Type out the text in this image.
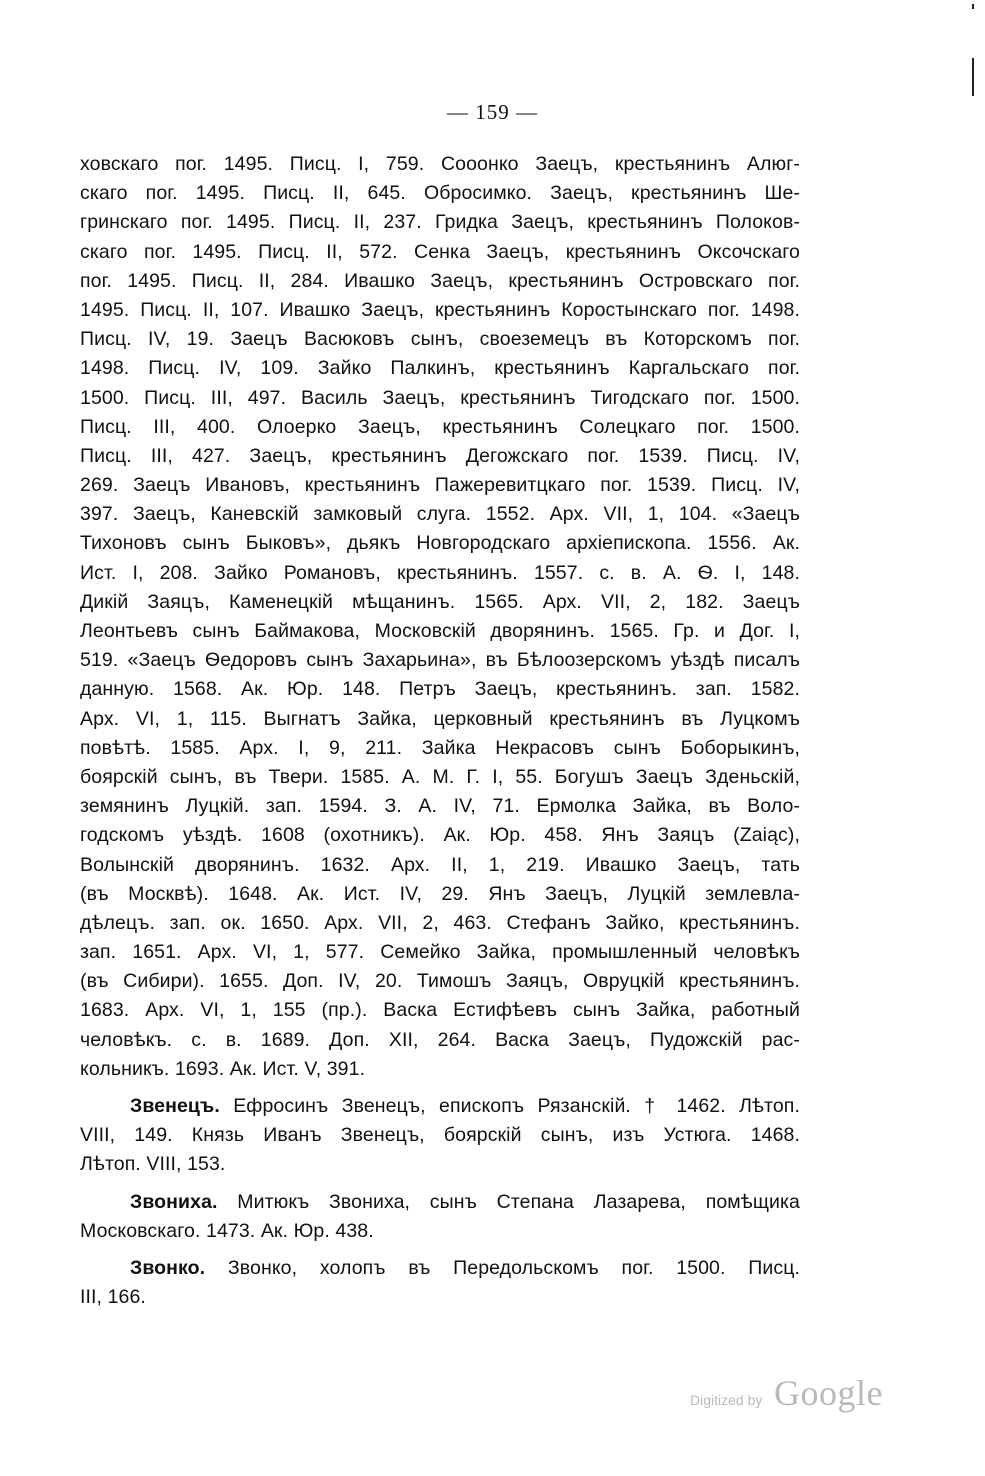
— 159 —
ховскаго пог. 1495. Писц. I, 759. Сооонко Заецъ, крестьянинъ Алюг-
скаго пог. 1495. Писц. II, 645. Обросимко. Заецъ, крестьянинъ Ше-
гринскаго пог. 1495. Писц. II, 237. Гридка Заецъ, крестьянинъ Полоков-
скаго пог. 1495. Писц. II, 572. Сенка Заецъ, крестьянинъ Оксочскаго
пог. 1495. Писц. II, 284. Ивашко Заецъ, крестьянинъ Островскаго пог.
1495. Писц. II, 107. Ивашко Заецъ, крестьянинъ Коростынскаго пог. 1498.
Писц. IV, 19. Заецъ Васюковъ сынъ, своеземецъ въ Которскомъ пог.
1498. Писц. IV, 109. Зайко Палкинъ, крестьянинъ Каргальскаго пог.
1500. Писц. III, 497. Василь Заецъ, крестьянинъ Тигодскаго пог. 1500.
Писц. III, 400. Олоерко Заецъ, крестьянинъ Солецкаго пог. 1500.
Писц. III, 427. Заецъ, крестьянинъ Дегожскаго пог. 1539. Писц. IV,
269. Заецъ Ивановъ, крестьянинъ Пажеревитцкаго пог. 1539. Писц. IV,
397. Заецъ, Каневскій замковый слуга. 1552. Арх. VII, 1, 104. «Заецъ
Тихоновъ сынъ Быковъ», дьякъ Новгородскаго архіепископа. 1556. Ак.
Ист. I, 208. Зайко Романовъ, крестьянинъ. 1557. с. в. А. Ѳ. I, 148.
Дикій Заяцъ, Каменецкій мѣщанинъ. 1565. Арх. VII, 2, 182. Заецъ
Леонтьевъ сынъ Баймакова, Московскій дворянинъ. 1565. Гр. и Дог. I,
519. «Заецъ Ѳедоровъ сынъ Захарьина», въ Бѣлоозерскомъ уѣздѣ писалъ
данную. 1568. Ак. Юр. 148. Петръ Заецъ, крестьянинъ. зап. 1582.
Арх. VI, 1, 115. Выгнатъ Зайка, церковный крестьянинъ въ Луцкомъ
повѣтѣ. 1585. Арх. I, 9, 211. Зайка Некрасовъ сынъ Боборыкинъ,
боярскій сынъ, въ Твери. 1585. А. М. Г. I, 55. Богушъ Заецъ Зденьскій,
земянинъ Луцкій. зап. 1594. З. А. IV, 71. Ермолка Зайка, въ Воло-
годскомъ уѣздѣ. 1608 (охотникъ). Ак. Юр. 458. Янъ Заяцъ (Zaiąc),
Волынскій дворянинъ. 1632. Арх. II, 1, 219. Ивашко Заецъ, тать
(въ Москвѣ). 1648. Ак. Ист. IV, 29. Янъ Заецъ, Луцкій землевла-
дѣлецъ. зап. ок. 1650. Арх. VII, 2, 463. Стефанъ Зайко, крестьянинъ.
зап. 1651. Арх. VI, 1, 577. Семейко Зайка, промышленный человѣкъ
(въ Сибири). 1655. Доп. IV, 20. Тимошъ Заяцъ, Овруцкій крестьянинъ.
1683. Арх. VI, 1, 155 (пр.). Васка Естифѣевъ сынъ Зайка, работный
человѣкъ. с. в. 1689. Доп. XII, 264. Васка Заецъ, Пудожскій рас-
кольникъ. 1693. Ак. Ист. V, 391.
Звенецъ. Ефросинъ Звенецъ, епископъ Рязанскій. † 1462. Лѣтоп.
VIII, 149. Князь Иванъ Звенецъ, боярскій сынъ, изъ Устюга. 1468.
Лѣтоп. VIII, 153.
Звониха. Митюкъ Звониха, сынъ Степана Лазарева, помѣщика
Московскаго. 1473. Ак. Юр. 438.
Звонко. Звонко, холопъ въ Передольскомъ пог. 1500. Писц.
III, 166.
Digitized by Google
